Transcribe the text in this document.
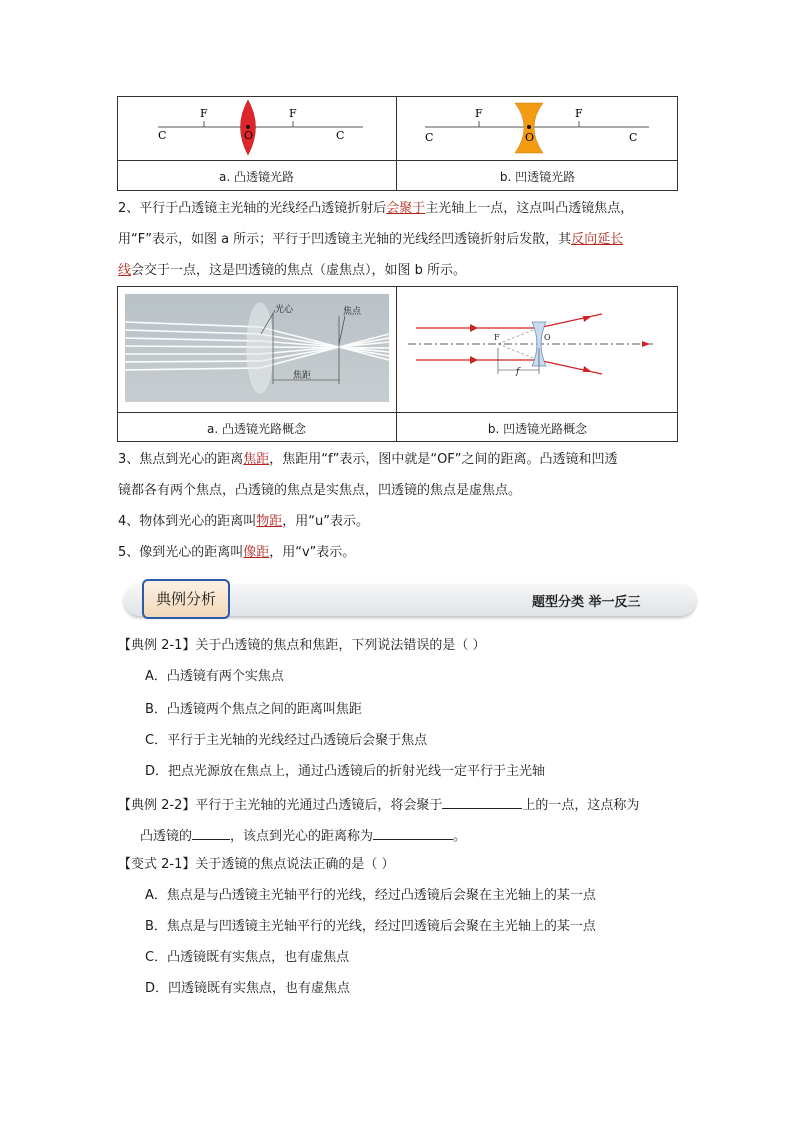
F	F
C	C
O
F	F
C	C
O
a. 凸透镜光路	b. 凹透镜光路
2、平行于凸透镜主光轴的光线经凸透镜折射后会聚于主光轴上一点，这点叫凸透镜焦点，
用“F”表示，如图 a 所示；平行于凹透镜主光轴的光线经凹透镜折射后发散，其反向延长
线会交于一点，这是凹透镜的焦点（虚焦点），如图 b 所示。
光心	焦点
焦距
F	O
f
a. 凸透镜光路概念	b. 凹透镜光路概念
3、焦点到光心的距离焦距，焦距用“f”表示，图中就是“OF”之间的距离。凸透镜和凹透
镜都各有两个焦点，凸透镜的焦点是实焦点，凹透镜的焦点是虚焦点。
4、物体到光心的距离叫物距，用“u”表示。
5、像到光心的距离叫像距，用“v”表示。
典例分析	题型分类 举一反三
【典例 2-1】关于凸透镜的焦点和焦距，下列说法错误的是（ ）
A．凸透镜有两个实焦点
B．凸透镜两个焦点之间的距离叫焦距
C．平行于主光轴的光线经过凸透镜后会聚于焦点
D．把点光源放在焦点上，通过凸透镜后的折射光线一定平行于主光轴
【典例 2-2】平行于主光轴的光通过凸透镜后，将会聚于	上的一点，这点称为
凸透镜的	，该点到光心的距离称为	。
【变式 2-1】关于透镜的焦点说法正确的是（ ）
A．焦点是与凸透镜主光轴平行的光线，经过凸透镜后会聚在主光轴上的某一点
B．焦点是与凹透镜主光轴平行的光线，经过凹透镜后会聚在主光轴上的某一点
C．凸透镜既有实焦点，也有虚焦点
D．凹透镜既有实焦点，也有虚焦点
